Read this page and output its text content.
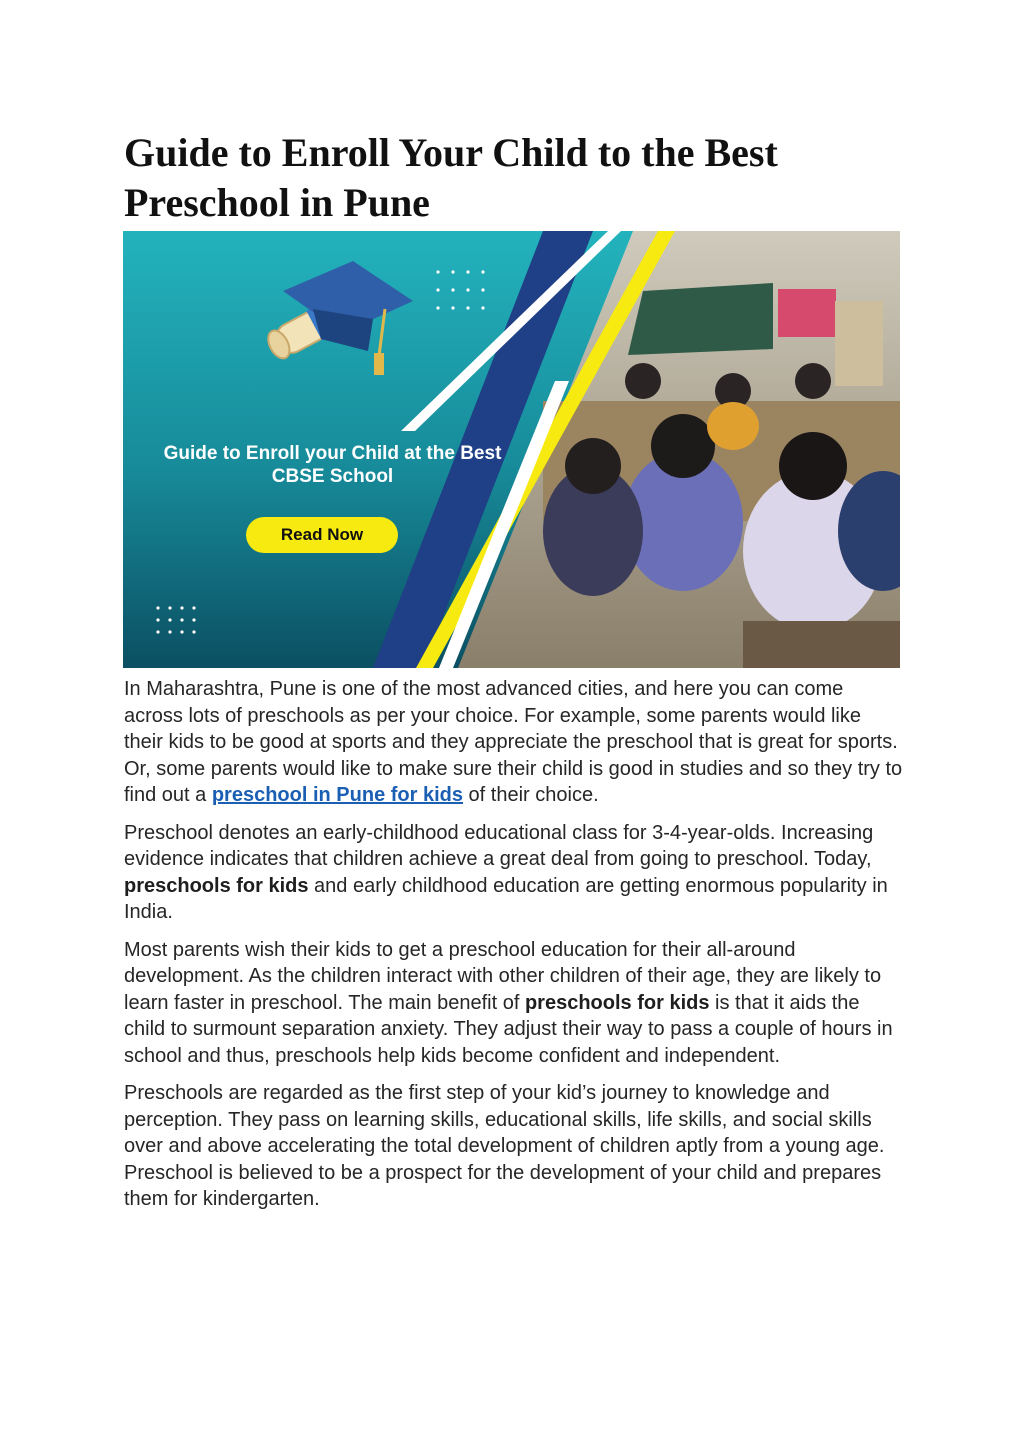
Guide to Enroll Your Child to the Best Preschool in Pune
Guide to Enroll your Child at the Best CBSE School
Read Now

In Maharashtra, Pune is one of the most advanced cities, and here you can come across lots of preschools as per your choice. For example, some parents would like their kids to be good at sports and they appreciate the preschool that is great for sports. Or, some parents would like to make sure their child is good in studies and so they try to find out a preschool in Pune for kids of their choice.

Preschool denotes an early-childhood educational class for 3-4-year-olds. Increasing evidence indicates that children achieve a great deal from going to preschool. Today, preschools for kids and early childhood education are getting enormous popularity in India.

Most parents wish their kids to get a preschool education for their all-around development. As the children interact with other children of their age, they are likely to learn faster in preschool. The main benefit of preschools for kids is that it aids the child to surmount separation anxiety. They adjust their way to pass a couple of hours in school and thus, preschools help kids become confident and independent.

Preschools are regarded as the first step of your kid’s journey to knowledge and perception. They pass on learning skills, educational skills, life skills, and social skills over and above accelerating the total development of children aptly from a young age. Preschool is believed to be a prospect for the development of your child and prepares them for kindergarten.
